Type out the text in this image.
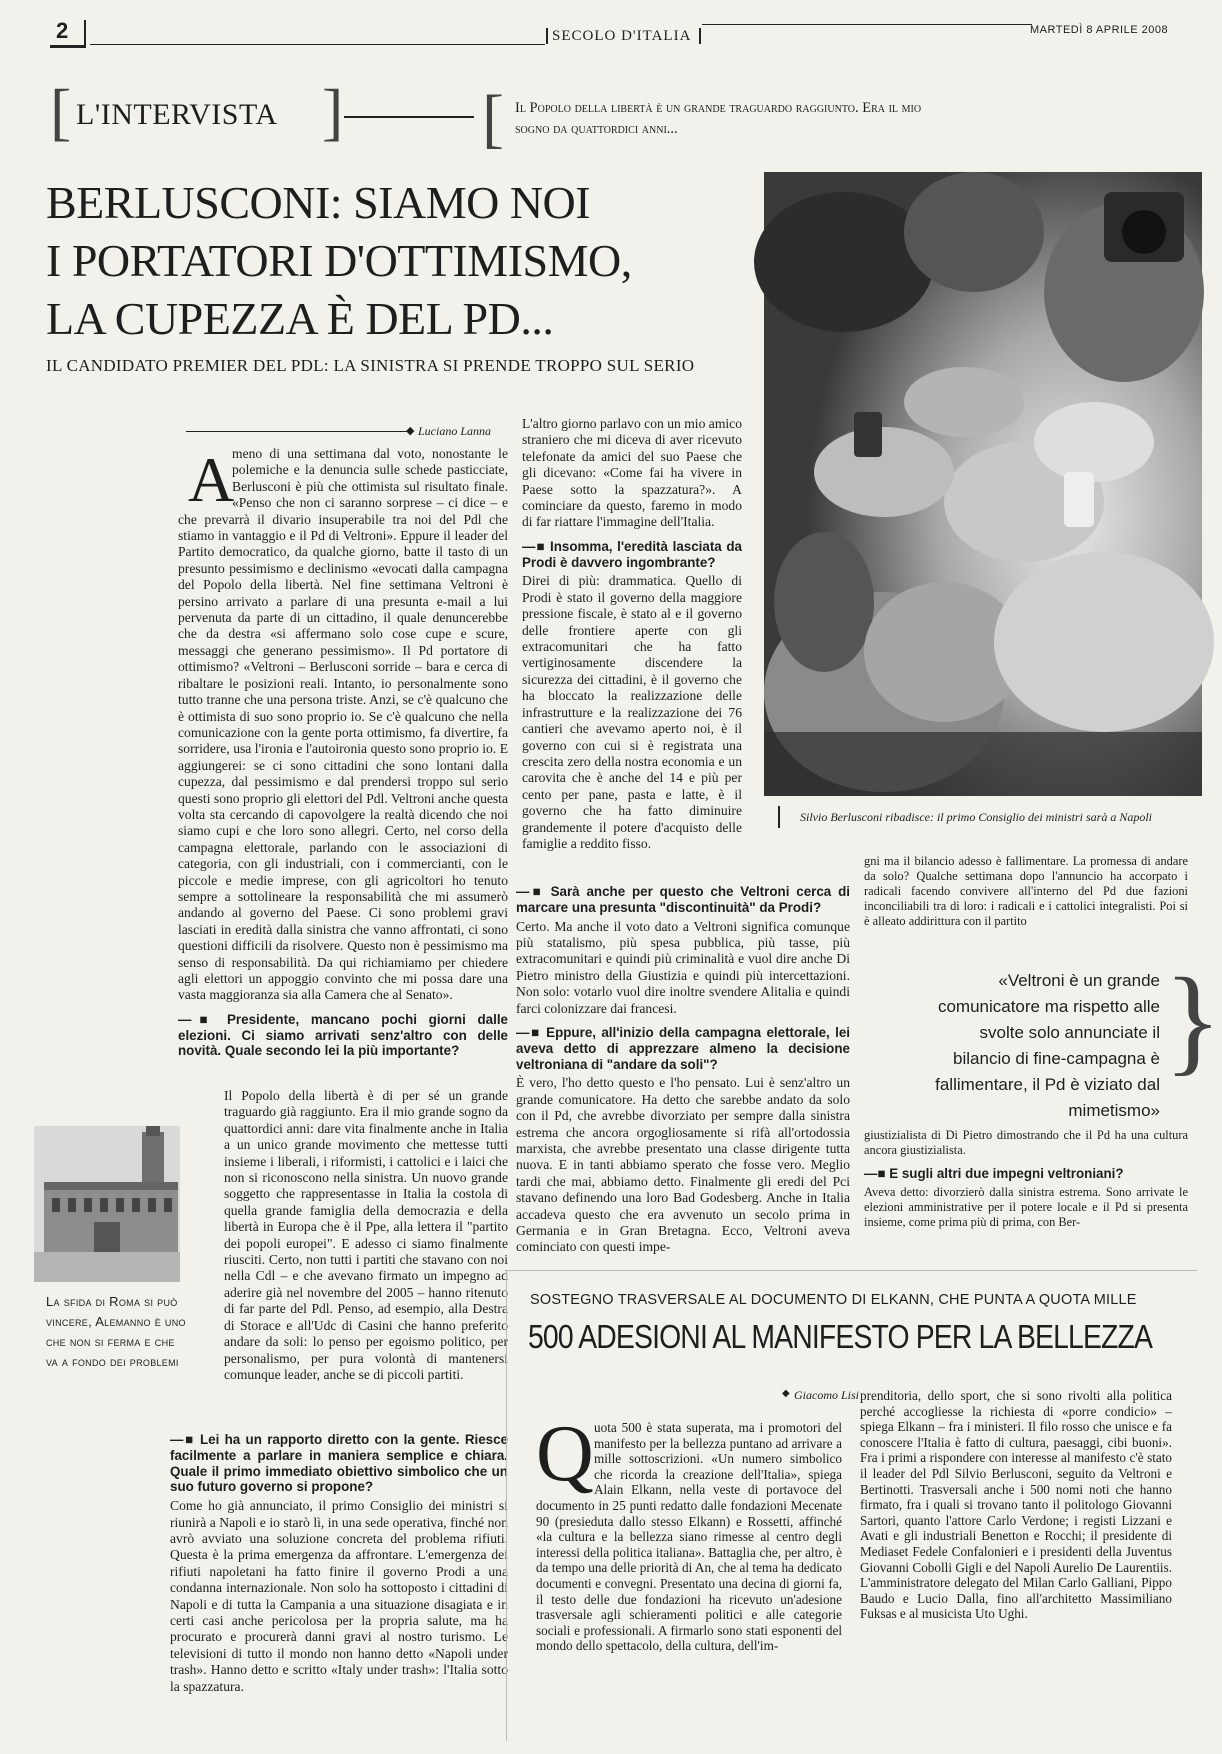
2	SECOLO D'ITALIA	MARTEDÌ 8 APRILE 2008
[ L'INTERVISTA ] [ Il Popolo della libertà è un grande traguardo raggiunto. Era il mio sogno da quattordici anni...
BERLUSCONI: SIAMO NOI
I PORTATORI D'OTTIMISMO,
LA CUPEZZA È DEL PD...
IL CANDIDATO PREMIER DEL PDL: LA SINISTRA SI PRENDE TROPPO SUL SERIO
Silvio Berlusconi ribadisce: il primo Consiglio dei ministri sarà a Napoli
◆ Luciano Lanna
A

meno di una settimana dal voto, nonostante le polemiche e la denuncia sulle schede pasticciate, Berlusconi è più che ottimista sul risultato finale. «Penso che non ci saranno sorprese – ci dice – e che prevarrà il divario insuperabile tra noi del Pdl che stiamo in vantaggio e il Pd di Veltroni». Eppure il leader del Partito democratico, da qualche giorno, batte il tasto di un presunto pessimismo e declinismo «evocati dalla campagna del Popolo della libertà. Nel fine settimana Veltroni è persino arrivato a parlare di una presunta e-mail a lui pervenuta da parte di un cittadino, il quale denuncerebbe che da destra «si affermano solo cose cupe e scure, messaggi che generano pessimismo». Il Pd portatore di ottimismo? «Veltroni – Berlusconi sorride – bara e cerca di ribaltare le posizioni reali. Intanto, io personalmente sono tutto tranne che una persona triste. Anzi, se c'è qualcuno che è ottimista di suo sono proprio io. Se c'è qualcuno che nella comunicazione con la gente porta ottimismo, fa divertire, fa sorridere, usa l'ironia e l'autoironia questo sono proprio io. E aggiungerei: se ci sono cittadini che sono lontani dalla cupezza, dal pessimismo e dal prendersi troppo sul serio questi sono proprio gli elettori del Pdl. Veltroni anche questa volta sta cercando di capovolgere la realtà dicendo che noi siamo cupi e che loro sono allegri. Certo, nel corso della campagna elettorale, parlando con le associazioni di categoria, con gli industriali, con i commercianti, con le piccole e medie imprese, con gli agricoltori ho tenuto sempre a sottolineare la responsabilità che mi assumerò andando al governo del Paese. Ci sono problemi gravi lasciati in eredità dalla sinistra che vanno affrontati, ci sono questioni difficili da risolvere. Questo non è pessimismo ma senso di responsabilità. Da qui richiamiamo per chiedere agli elettori un appoggio convinto che mi possa dare una vasta maggioranza sia alla Camera che al Senato».

—■ Presidente, mancano pochi giorni dalle elezioni. Ci siamo arrivati senz'altro con delle novità. Quale secondo lei la più importante?
La sfida di Roma si può vincere, Alemanno è uno che non si ferma e che va a fondo dei problemi

Il Popolo della libertà è di per sé un grande traguardo già raggiunto. Era il mio grande sogno da quattordici anni: dare vita finalmente anche in Italia a un unico grande movimento che mettesse tutti insieme i liberali, i riformisti, i cattolici e i laici che non si riconoscono nella sinistra. Un nuovo grande soggetto che rappresentasse in Italia la costola di quella grande famiglia della democrazia e della libertà in Europa che è il Ppe, alla lettera il "partito dei popoli europei". E adesso ci siamo finalmente riusciti. Certo, non tutti i partiti che stavano con noi nella Cdl – e che avevano firmato un impegno ad aderire già nel novembre del 2005 – hanno ritenuto di far parte del Pdl. Penso, ad esempio, alla Destra di Storace e all'Udc di Casini che hanno preferito andare da soli: lo penso per egoismo politico, per personalismo, per pura volontà di mantenersi comunque leader, anche se di piccoli partiti.

—■ Lei ha un rapporto diretto con la gente. Riesce facilmente a parlare in maniera semplice e chiara. Quale il primo immediato obiettivo simbolico che un suo futuro governo si propone?

Come ho già annunciato, il primo Consiglio dei ministri si riunirà a Napoli e io starò lì, in una sede operativa, finché non avrò avviato una soluzione concreta del problema rifiuti. Questa è la prima emergenza da affrontare. L'emergenza dei rifiuti napoletani ha fatto finire il governo Prodi a una condanna internazionale. Non solo ha sottoposto i cittadini di Napoli e di tutta la Campania a una situazione disagiata e in certi casi anche pericolosa per la propria salute, ma ha procurato e procurerà danni gravi al nostro turismo. Le televisioni di tutto il mondo non hanno detto «Napoli under trash». Hanno detto e scritto «Italy under trash»: l'Italia sotto la spazzatura.

L'altro giorno parlavo con un mio amico straniero che mi diceva di aver ricevuto telefonate da amici del suo Paese che gli dicevano: «Come fai ha vivere in Paese sotto la spazzatura?». A cominciare da questo, faremo in modo di far riattare l'immagine dell'Italia.

—■ Insomma, l'eredità lasciata da Prodi è davvero ingombrante?

Direi di più: drammatica. Quello di Prodi è stato il governo della maggiore pressione fiscale, è stato al e il governo delle frontiere aperte con gli extracomunitari che ha fatto vertiginosamente discendere la sicurezza dei cittadini, è il governo che ha bloccato la realizzazione delle infrastrutture e la realizzazione dei 76 cantieri che avevamo aperto noi, è il governo con cui si è registrata una crescita zero della nostra economia e un carovita che è anche del 14 e più per cento per pane, pasta e latte, è il governo che ha fatto diminuire grandemente il potere d'acquisto delle famiglie a reddito fisso.

—■ Sarà anche per questo che Veltroni cerca di marcare una presunta "discontinuità" da Prodi?

Certo. Ma anche il voto dato a Veltroni significa comunque più statalismo, più spesa pubblica, più tasse, più extracomunitari e quindi più criminalità e vuol dire anche Di Pietro ministro della Giustizia e quindi più intercettazioni. Non solo: votarlo vuol dire inoltre svendere Alitalia e quindi farci colonizzare dai francesi.

—■ Eppure, all'inizio della campagna elettorale, lei aveva detto di apprezzare almeno la decisione veltroniana di "andare da soli"?

È vero, l'ho detto questo e l'ho pensato. Lui è senz'altro un grande comunicatore. Ha detto che sarebbe andato da solo con il Pd, che avrebbe divorziato per sempre dalla sinistra estrema che ancora orgogliosamente si rifà all'ortodossia marxista, che avrebbe presentato una classe dirigente tutta nuova. E in tanti abbiamo sperato che fosse vero. Meglio tardi che mai, abbiamo detto. Finalmente gli eredi del Pci stavano definendo una loro Bad Godesberg. Anche in Italia accadeva questo che era avvenuto un secolo prima in Germania e in Gran Bretagna. Ecco, Veltroni aveva cominciato con questi impe-

gni ma il bilancio adesso è fallimentare. La promessa di andare da solo? Qualche settimana dopo l'annuncio ha accorpato i radicali facendo convivere all'interno del Pd due fazioni inconciliabili tra di loro: i radicali e i cattolici integralisti. Poi si è alleato addirittura con il partito

«Veltroni è un grande comunicatore ma rispetto alle svolte solo annunciate il bilancio di fine-campagna è fallimentare, il Pd è viziato dal mimetismo»
}

giustizialista di Di Pietro dimostrando che il Pd ha una cultura ancora giustizialista.

—■ E sugli altri due impegni veltroniani?

Aveva detto: divorzierò dalla sinistra estrema. Sono arrivate le elezioni amministrative per il potere locale e il Pd si presenta insieme, come prima più di prima, con Ber-

SOSTEGNO TRASVERSALE AL DOCUMENTO DI ELKANN, CHE PUNTA A QUOTA MILLE
500 ADESIONI AL MANIFESTO PER LA BELLEZZA
◆ Giacomo Lisi
Q uota 500 è stata superata, ma i promotori del manifesto per la bellezza puntano ad arrivare a mille sottoscrizioni. «Un numero simbolico che ricorda la creazione dell'Italia», spiega Alain Elkann, nella veste di portavoce del documento in 25 punti redatto dalle fondazioni Mecenate 90 (presieduta dallo stesso Elkann) e Rossetti, affinché «la cultura e la bellezza siano rimesse al centro degli interessi della politica italiana». Battaglia che, per altro, è da tempo una delle priorità di An, che al tema ha dedicato documenti e convegni. Presentato una decina di giorni fa, il testo delle due fondazioni ha ricevuto un'adesione trasversale agli schieramenti politici e alle categorie sociali e professionali. A firmarlo sono stati esponenti del mondo dello spettacolo, della cultura, dell'im-

prenditoria, dello sport, che si sono rivolti alla politica perché accogliesse la richiesta di «porre condicio» – spiega Elkann – fra i ministeri. Il filo rosso che unisce e fa conoscere l'Italia è fatto di cultura, paesaggi, cibi buoni». Fra i primi a rispondere con interesse al manifesto c'è stato il leader del Pdl Silvio Berlusconi, seguito da Veltroni e Bertinotti. Trasversali anche i 500 nomi noti che hanno firmato, fra i quali si trovano tanto il politologo Giovanni Sartori, quanto l'attore Carlo Verdone; i registi Lizzani e Avati e gli industriali Benetton e Rocchi; il presidente di Mediaset Fedele Confalonieri e i presidenti della Juventus Giovanni Cobolli Gigli e del Napoli Aurelio De Laurentiis. L'amministratore delegato del Milan Carlo Galliani, Pippo Baudo e Lucio Dalla, fino all'architetto Massimiliano Fuksas e al musicista Uto Ughi.
